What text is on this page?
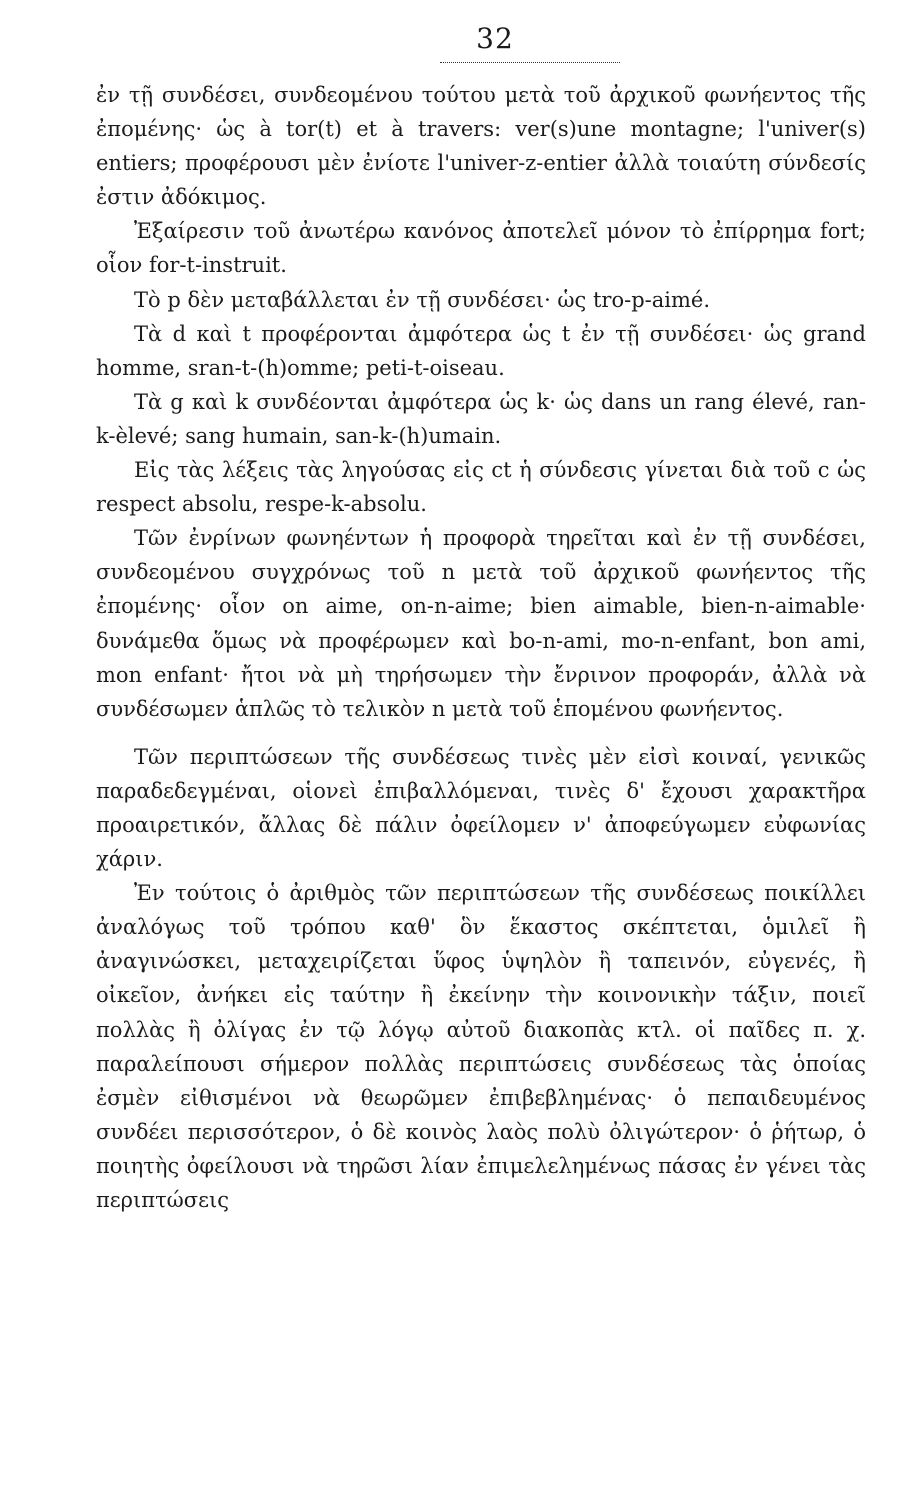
32

ἐν τῇ συνδέσει, συνδεομένου τούτου μετὰ τοῦ ἀρχικοῦ φωνήεντος τῆς ἐπομένης· ὡς à tor(t) et à travers: ver(s)une montagne; l'univer(s) entiers; προφέρουσι μὲν ἐνίοτε l'univer-z-entier ἀλλὰ τοιαύτη σύνδεσίς ἐστιν ἀδόκιμος.

Ἐξαίρεσιν τοῦ ἀνωτέρω κανόνος ἀποτελεῖ μόνον τὸ ἐπίρρημα fort; οἷον for-t-instruit.

Τὸ p δὲν μεταβάλλεται ἐν τῇ συνδέσει· ὡς tro-p-aimé.

Τὰ d καὶ t προφέρονται ἀμφότερα ὡς t ἐν τῇ συνδέσει· ὡς grand homme, sran-t-(h)omme; peti-t-oiseau.

Τὰ g καὶ k συνδέονται ἀμφότερα ὡς k· ὡς dans un rang élevé, ran-k-èlevé; sang humain, san-k-(h)umain.

Εἰς τὰς λέξεις τὰς ληγούσας εἰς ct ἡ σύνδεσις γίνεται διὰ τοῦ c ὡς respect absolu, respe-k-absolu.

Τῶν ἐνρίνων φωνηέντων ἡ προφορὰ τηρεῖται καὶ ἐν τῇ συνδέσει, συνδεομένου συγχρόνως τοῦ n μετὰ τοῦ ἀρχικοῦ φωνήεντος τῆς ἐπομένης· οἷον on aime, on-n-aime; bien aimable, bien-n-aimable· δυνάμεθα ὅμως νὰ προφέρωμεν καὶ bo-n-ami, mo-n-enfant, bon ami, mon enfant· ἤτοι νὰ μὴ τηρήσωμεν τὴν ἔνρινον προφοράν, ἀλλὰ νὰ συνδέσωμεν ἁπλῶς τὸ τελικὸν n μετὰ τοῦ ἑπομένου φωνήεντος.

Τῶν περιπτώσεων τῆς συνδέσεως τινὲς μὲν εἰσὶ κοιναί, γενικῶς παραδεδεγμέναι, οἱονεὶ ἐπιβαλλόμεναι, τινὲς δ' ἔχουσι χαρακτῆρα προαιρετικόν, ἄλλας δὲ πάλιν ὀφείλομεν ν' ἀποφεύγωμεν εὐφωνίας χάριν.

Ἐν τούτοις ὁ ἀριθμὸς τῶν περιπτώσεων τῆς συνδέσεως ποικίλλει ἀναλόγως τοῦ τρόπου καθ' ὃν ἕκαστος σκέπτεται, ὁμιλεῖ ἢ ἀναγινώσκει, μεταχειρίζεται ὕφος ὑψηλὸν ἢ ταπεινόν, εὐγενές, ἢ οἰκεῖον, ἀνήκει εἰς ταύτην ἢ ἐκείνην τὴν κοινονικὴν τάξιν, ποιεῖ πολλὰς ἢ ὀλίγας ἐν τῷ λόγῳ αὐτοῦ διακοπὰς κτλ. οἱ παῖδες π. χ. παραλείπουσι σήμερον πολλὰς περιπτώσεις συνδέσεως τὰς ὁποίας ἐσμὲν εἰθισμένοι νὰ θεωρῶμεν ἐπιβεβλημένας· ὁ πεπαιδευμένος συνδέει περισσότερον, ὁ δὲ κοινὸς λαὸς πολὺ ὀλιγώτερον· ὁ ῥήτωρ, ὁ ποιητὴς ὀφείλουσι νὰ τηρῶσι λίαν ἐπιμελελημένως πάσας ἐν γένει τὰς περιπτώσεις
